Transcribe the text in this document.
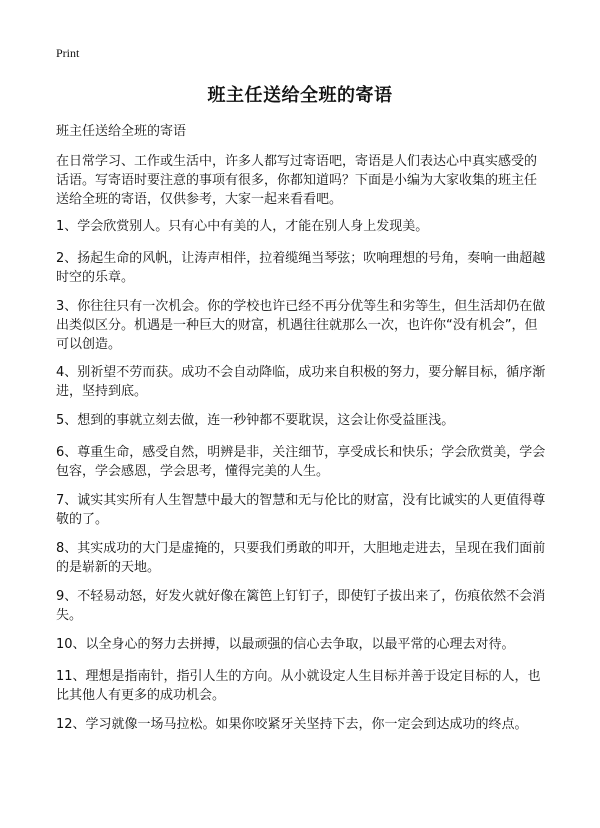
Print
班主任送给全班的寄语
班主任送给全班的寄语

在日常学习、工作或生活中，许多人都写过寄语吧，寄语是人们表达心中真实感受的话语。写寄语时要注意的事项有很多，你都知道吗？下面是小编为大家收集的班主任送给全班的寄语，仅供参考，大家一起来看看吧。

1、学会欣赏别人。只有心中有美的人，才能在别人身上发现美。

2、扬起生命的风帆，让涛声相伴，拉着缆绳当琴弦；吹响理想的号角，奏响一曲超越时空的乐章。

3、你往往只有一次机会。你的学校也许已经不再分优等生和劣等生，但生活却仍在做出类似区分。机遇是一种巨大的财富，机遇往往就那么一次，也许你“没有机会”，但可以创造。

4、别祈望不劳而获。成功不会自动降临，成功来自积极的努力，要分解目标，循序渐进，坚持到底。

5、想到的事就立刻去做，连一秒钟都不要耽误，这会让你受益匪浅。

6、尊重生命，感受自然，明辨是非，关注细节，享受成长和快乐；学会欣赏美，学会包容，学会感恩，学会思考，懂得完美的人生。

7、诚实其实所有人生智慧中最大的智慧和无与伦比的财富，没有比诚实的人更值得尊敬的了。

8、其实成功的大门是虚掩的，只要我们勇敢的叩开，大胆地走进去，呈现在我们面前的是崭新的天地。

9、不轻易动怒，好发火就好像在篱笆上钉钉子，即使钉子拔出来了，伤痕依然不会消失。

10、以全身心的努力去拼搏，以最顽强的信心去争取，以最平常的心理去对待。

11、理想是指南针，指引人生的方向。从小就设定人生目标并善于设定目标的人，也比其他人有更多的成功机会。

12、学习就像一场马拉松。如果你咬紧牙关坚持下去，你一定会到达成功的终点。
